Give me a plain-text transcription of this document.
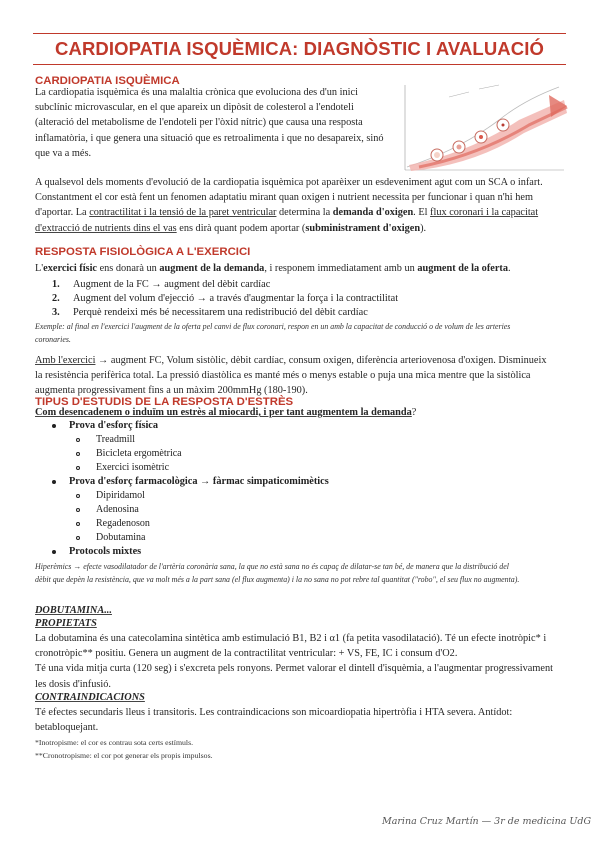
CARDIOPATIA ISQUÈMICA: DIAGNÒSTIC I AVALUACIÓ
CARDIOPATIA ISQUÈMICA
La cardiopatia isquèmica és una malaltia crònica que evoluciona des d'un inici
subclínic microvascular, en el que apareix un dipòsit de colesterol a l'endoteli
(alteració del metabolisme de l'endoteli per l'òxid nítric) que causa una resposta
inflamatòria, i que genera una situació que es retroalimenta i que no desapareix, sinó
que va a més.
A qualsevol dels moments d'evolució de la cardiopatia isquèmica pot aparèixer un esdeveniment agut com un SCA o infart.
Constantment el cor està fent un fenomen adaptatiu mirant quan oxigen i nutrient necessita per funcionar i quan n'hi hem
d'aportar. La contractilitat i la tensió de la paret ventricular determina la demanda d'oxigen. El flux coronari i la capacitat
d'extracció de nutrients dins el vas ens dirà quant podem aportar (subministrament d'oxigen).
RESPOSTA FISIOLÒGICA A L'EXERCICI
L'exercici físic ens donarà un augment de la demanda, i responem immediatament amb un augment de la oferta.
1. Augment de la FC → augment del dèbit cardíac
2. Augment del volum d'ejecció → a través d'augmentar la força i la contractilitat
3. Perquè rendeixi més bé necessitarem una redistribució del dèbit cardíac
Exemple: al final en l'exercici l'augment de la oferta pel canvi de flux coronari, respon en un amb la capacitat de conducció o de volum de les arteries
coronaries.
Amb l'exercici → augment FC, Volum sistòlic, dèbit cardíac, consum oxigen, diferència arteriovenosa d'oxigen. Disminueix
la resistència perifèrica total. La pressió diastòlica es manté més o menys estable o puja una mica mentre que la sistòlica
augmenta progressivament fins a un màxim 200mmHg (180-190).
TIPUS D'ESTUDIS DE LA RESPOSTA D'ESTRÈS
Com desencadenem o induïm un estrès al miocardi, i per tant augmentem la demanda?
Prova d'esforç física
Treadmill
Bicicleta ergomètrica
Exercici isomètric
Prova d'esforç farmacològica → fàrmac simpaticomimètics
Dipiridamol
Adenosina
Regadenoson
Dobutamina
Protocols mixtes
Hiperèmics → efecte vasodilatador de l'artèria coronària sana, la que no està sana no és capaç de dilatar-se tan bé, de manera que la distribució del
dèbit que depèn la resistència, que va molt més a la part sana (el flux augmenta) i la no sana no pot rebre tal quantitat ("robo", el seu flux no augmenta).
DOBUTAMINA...
PROPIETATS
La dobutamina és una catecolamina sintètica amb estimulació B1, B2 i α1 (fa petita vasodilatació). Té un efecte inotròpic* i
cronotròpic** positiu. Genera un augment de la contractilitat ventricular: + VS, FE, IC i consum d'O2.
Té una vida mitja curta (120 seg) i s'excreta pels ronyons. Permet valorar el dintell d'isquèmia, a l'augmentar progressivament
les dosis d'infusió.
CONTRAINDICACIONS
Té efectes secundaris lleus i transitoris. Les contraindicacions son micoardiopatia hipertròfia i HTA severa. Antídot:
betabloquejant.
*Inotropisme: el cor es contrau sota certs estímuls.
**Cronotropisme: el cor pot generar els propis impulsos.
Marina Cruz Martín — 3r de medicina UdG
